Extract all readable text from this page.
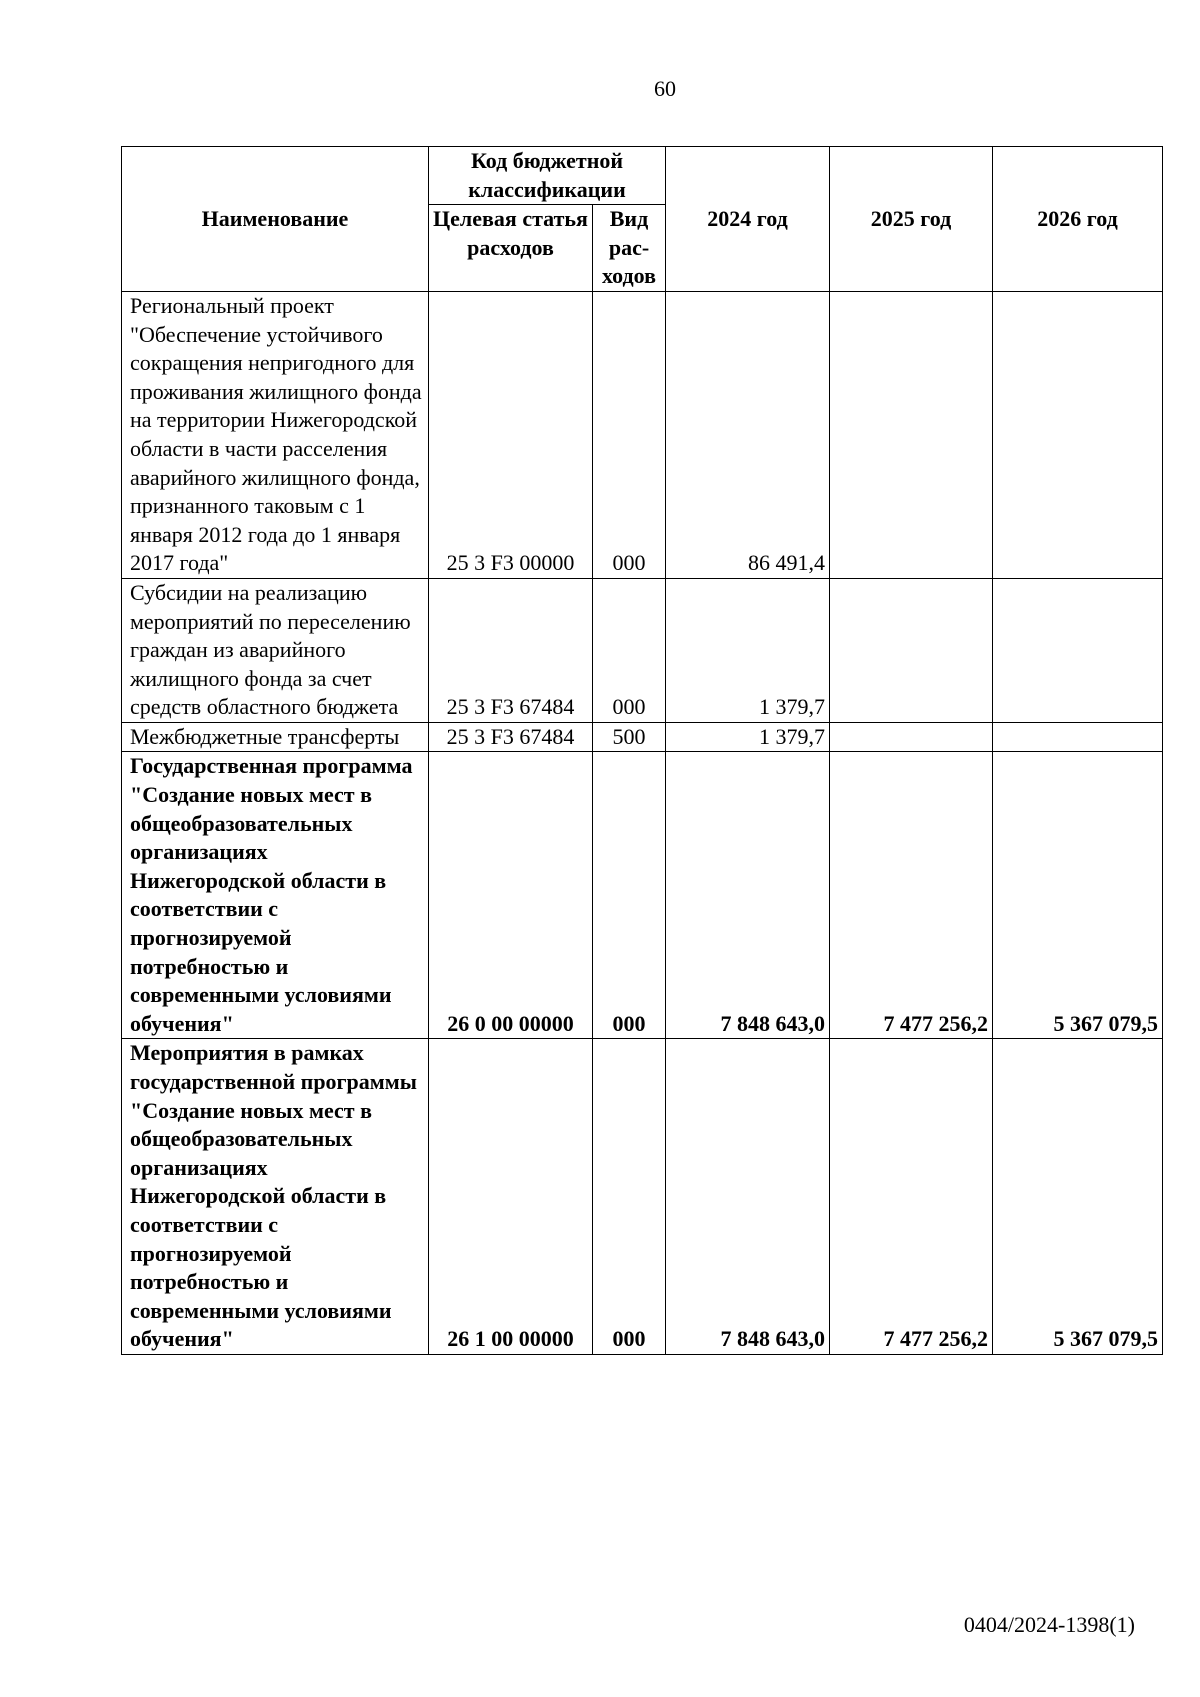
60
Наименование	Код бюджетной классификации		2024 год	2025 год	2026 год
	Целевая статья расходов	Вид рас- ходов			
Региональный проект "Обеспечение устойчивого сокращения непригодного для проживания жилищного фонда на территории Нижегородской области в части расселения аварийного жилищного фонда, признанного таковым с 1 января 2012 года до 1 января 2017 года"	25 3 F3 00000	000	86 491,4		
Субсидии на реализацию мероприятий по переселению граждан из аварийного жилищного фонда за счет средств областного бюджета	25 3 F3 67484	000	1 379,7		
Межбюджетные трансферты	25 3 F3 67484	500	1 379,7		
Государственная программа "Создание новых мест в общеобразовательных организациях Нижегородской области в соответствии с прогнозируемой потребностью и современными условиями обучения"	26 0 00 00000	000	7 848 643,0	7 477 256,2	5 367 079,5
Мероприятия в рамках государственной программы "Создание новых мест в общеобразовательных организациях Нижегородской области в соответствии с прогнозируемой потребностью и современными условиями обучения"	26 1 00 00000	000	7 848 643,0	7 477 256,2	5 367 079,5
0404/2024-1398(1)
